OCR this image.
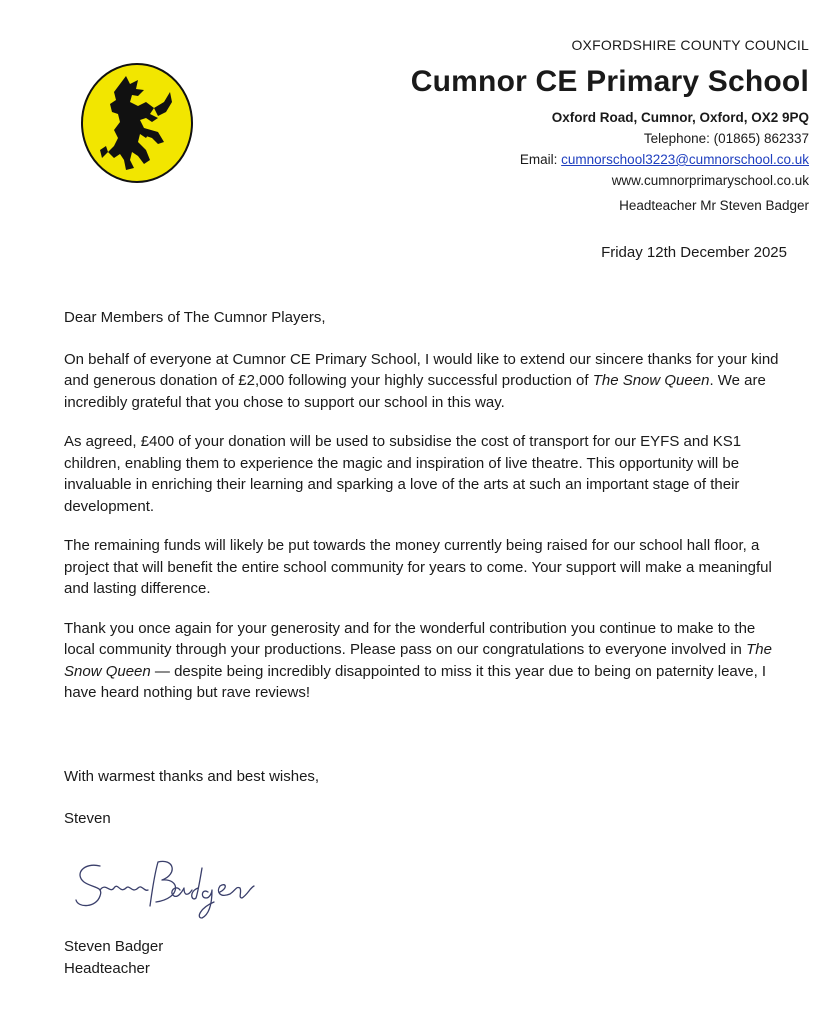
OXFORDSHIRE COUNTY COUNCIL
Cumnor CE Primary School
Oxford Road, Cumnor, Oxford, OX2 9PQ
Telephone: (01865) 862337
Email: cumnorschool3223@cumnorschool.co.uk
www.cumnorprimaryschool.co.uk
Headteacher Mr Steven Badger
Friday 12th December 2025

Dear Members of The Cumnor Players,

On behalf of everyone at Cumnor CE Primary School, I would like to extend our sincere thanks for your kind and generous donation of £2,000 following your highly successful production of The Snow Queen. We are incredibly grateful that you chose to support our school in this way.

As agreed, £400 of your donation will be used to subsidise the cost of transport for our EYFS and KS1 children, enabling them to experience the magic and inspiration of live theatre. This opportunity will be invaluable in enriching their learning and sparking a love of the arts at such an important stage of their development.

The remaining funds will likely be put towards the money currently being raised for our school hall floor, a project that will benefit the entire school community for years to come. Your support will make a meaningful and lasting difference.

Thank you once again for your generosity and for the wonderful contribution you continue to make to the local community through your productions. Please pass on our congratulations to everyone involved in The Snow Queen — despite being incredibly disappointed to miss it this year due to being on paternity leave, I have heard nothing but rave reviews!

With warmest thanks and best wishes,
Steven
Steven Badger
Headteacher
